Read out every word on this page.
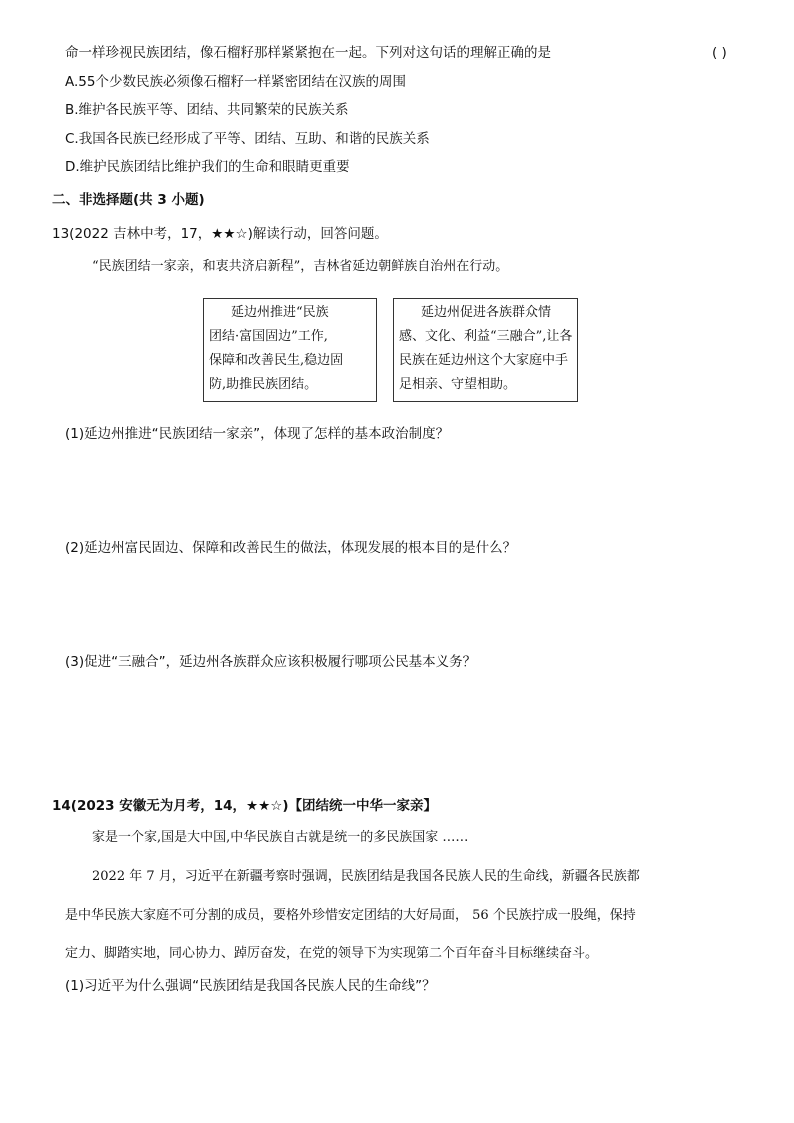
命一样珍视民族团结，像石榴籽那样紧紧抱在一起。下列对这句话的理解正确的是	( )
A.55个少数民族必须像石榴籽一样紧密团结在汉族的周围
B.维护各民族平等、团结、共同繁荣的民族关系
C.我国各民族已经形成了平等、团结、互助、和谐的民族关系
D.维护民族团结比维护我们的生命和眼睛更重要
二、非选择题(共 3 小题)
13(2022 吉林中考，17，★★☆)解读行动，回答问题。
“民族团结一家亲，和衷共济启新程”，吉林省延边朝鲜族自治州在行动。
延边州推进“民族
团结·富国固边”工作,
保障和改善民生,稳边固
防,助推民族团结。
延边州促进各族群众情
感、文化、利益“三融合”,让各
民族在延边州这个大家庭中手
足相亲、守望相助。
(1)延边州推进“民族团结一家亲”，体现了怎样的基本政治制度？
(2)延边州富民固边、保障和改善民生的做法，体现发展的根本目的是什么？
(3)促进“三融合”，延边州各族群众应该积极履行哪项公民基本义务？
14(2023 安徽无为月考，14，★★☆)【团结统一中华一家亲】
家是一个家,国是大中国,中华民族自古就是统一的多民族国家 ……
2022 年 7 月，习近平在新疆考察时强调，民族团结是我国各民族人民的生命线，新疆各民族都
是中华民族大家庭不可分割的成员，要格外珍惜安定团结的大好局面， 56 个民族拧成一股绳，保持
定力、脚踏实地，同心协力、踔厉奋发，在党的领导下为实现第二个百年奋斗目标继续奋斗。
(1)习近平为什么强调“民族团结是我国各民族人民的生命线”？
